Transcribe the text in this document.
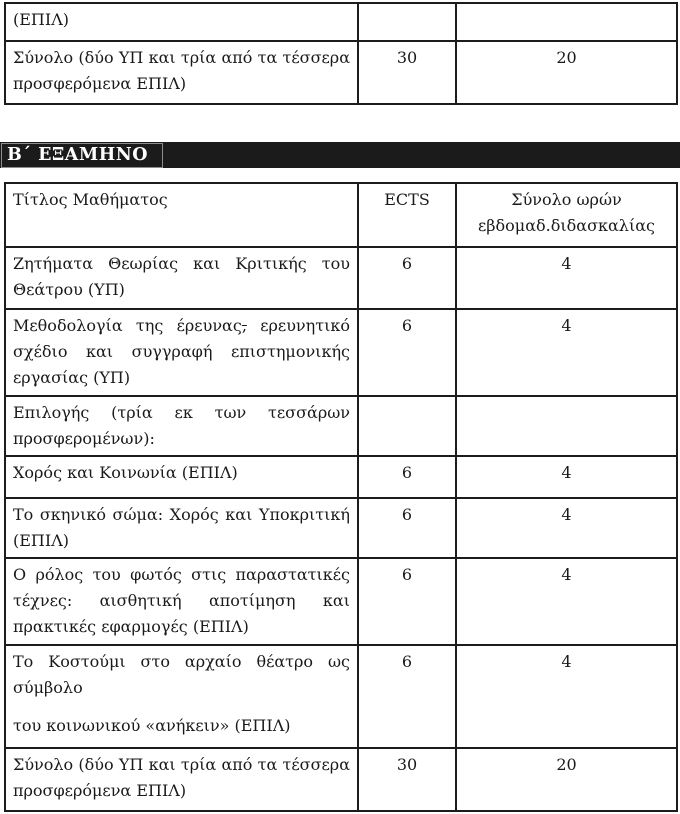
(ΕΠΙΛ)		
Σύνολο (δύο ΥΠ και τρία από τα τέσσερα προσφερόμενα ΕΠΙΛ)	30	20
Β΄ ΕΞΑΜΗΝΟ
Τίτλος Μαθήματος	ECTS	Σύνολο ωρών εβδομαδ.διδασκαλίας
Ζητήματα Θεωρίας και Κριτικής του Θεάτρου (ΥΠ)	6	4
Μεθοδολογία της έρευνας, ερευνητικό σχέδιο και συγγραφή επιστημονικής εργασίας (ΥΠ)	6	4
Επιλογής (τρία εκ των τεσσάρων προσφερομένων):		
Χορός και Κοινωνία (ΕΠΙΛ)	6	4
Το σκηνικό σώμα: Χορός και Υποκριτική (ΕΠΙΛ)	6	4
Ο ρόλος του φωτός στις παραστατικές τέχνες: αισθητική αποτίμηση και πρακτικές εφαρμογές (ΕΠΙΛ)	6	4

Το Κοστούμι στο αρχαίο θέατρο ως σύμβολο

του κοινωνικού «ανήκειν» (ΕΠΙΛ)	6	4
Σύνολο (δύο ΥΠ και τρία από τα τέσσερα προσφερόμενα ΕΠΙΛ)	30	20
